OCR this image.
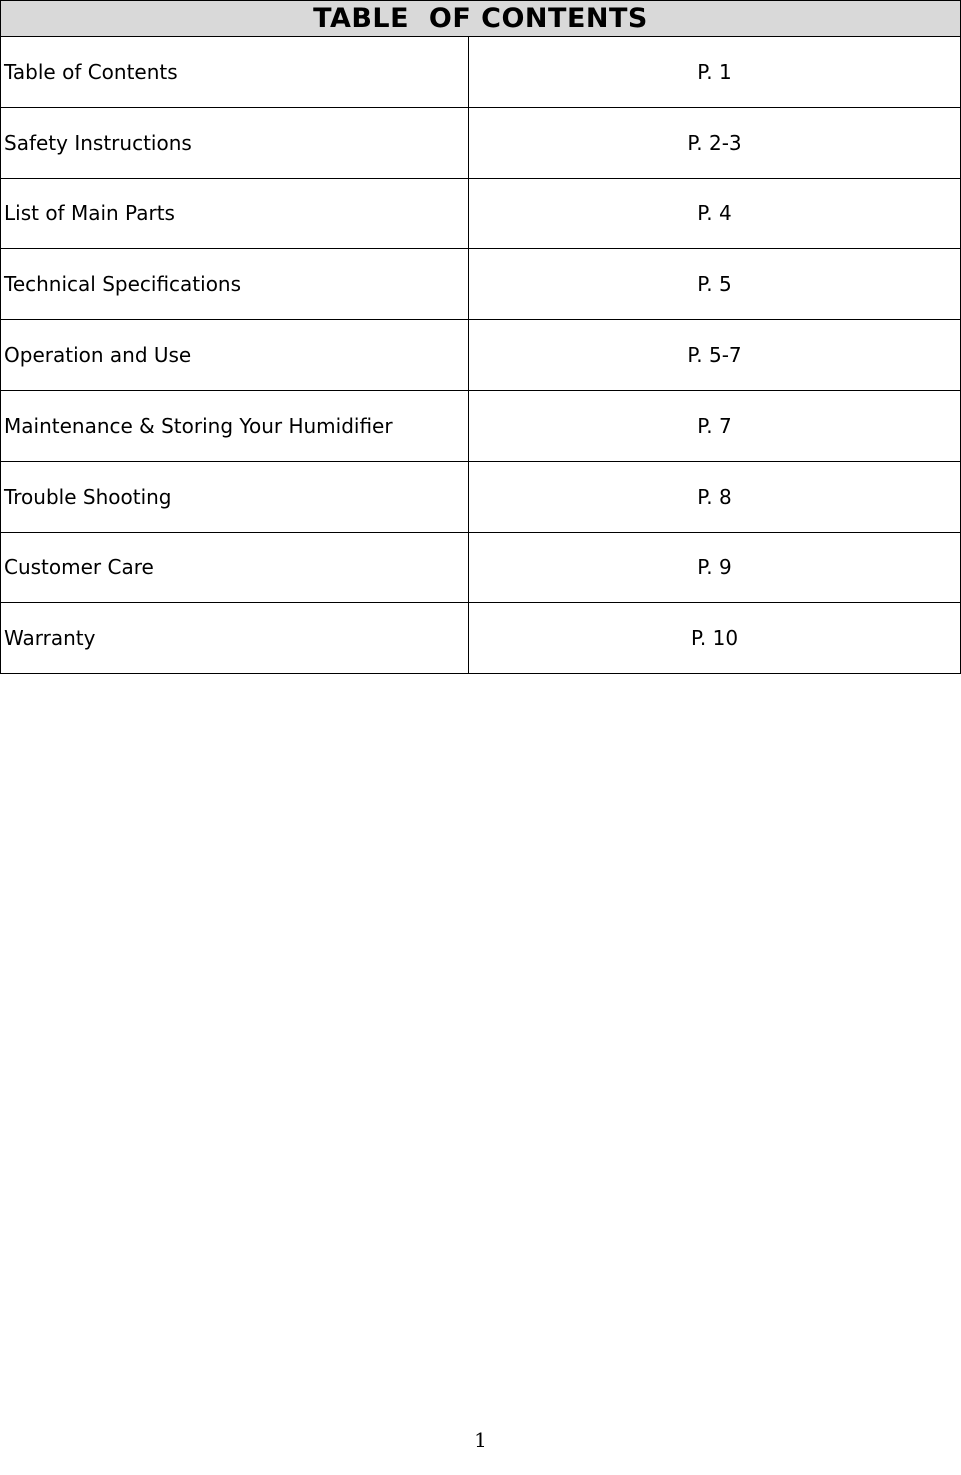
TABLE  OF CONTENTS
Table of Contents	P. 1
Safety Instructions	P. 2-3
List of Main Parts	P. 4
Technical Specifications	P. 5
Operation and Use	P. 5-7
Maintenance & Storing Your Humidifier	P. 7
Trouble Shooting	P. 8
Customer Care	P. 9
Warranty	P. 10
1
